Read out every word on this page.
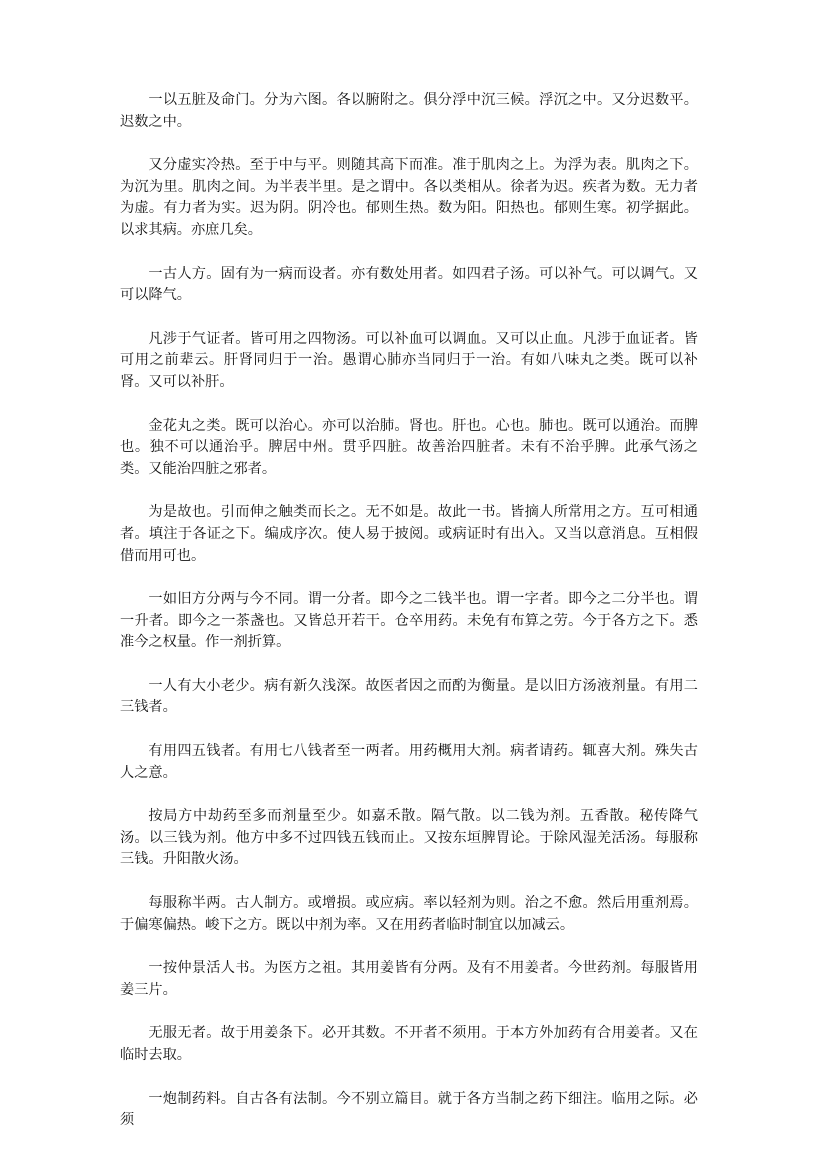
一以五脏及命门。分为六图。各以腑附之。俱分浮中沉三候。浮沉之中。又分迟数平。迟数之中。

又分虚实冷热。至于中与平。则随其高下而准。准于肌肉之上。为浮为表。肌肉之下。为沉为里。肌肉之间。为半表半里。是之谓中。各以类相从。徐者为迟。疾者为数。无力者为虚。有力者为实。迟为阴。阴冷也。郁则生热。数为阳。阳热也。郁则生寒。初学据此。以求其病。亦庶几矣。

一古人方。固有为一病而设者。亦有数处用者。如四君子汤。可以补气。可以调气。又可以降气。

凡涉于气证者。皆可用之四物汤。可以补血可以调血。又可以止血。凡涉于血证者。皆可用之前辈云。肝肾同归于一治。愚谓心肺亦当同归于一治。有如八味丸之类。既可以补肾。又可以补肝。

金花丸之类。既可以治心。亦可以治肺。肾也。肝也。心也。肺也。既可以通治。而脾也。独不可以通治乎。脾居中州。贯乎四脏。故善治四脏者。未有不治乎脾。此承气汤之类。又能治四脏之邪者。

为是故也。引而伸之触类而长之。无不如是。故此一书。皆摘人所常用之方。互可相通者。填注于各证之下。编成序次。使人易于披阅。或病证时有出入。又当以意消息。互相假借而用可也。

一如旧方分两与今不同。谓一分者。即今之二钱半也。谓一字者。即今之二分半也。谓一升者。即今之一茶盏也。又皆总开若干。仓卒用药。未免有布算之劳。今于各方之下。悉准今之权量。作一剂折算。

一人有大小老少。病有新久浅深。故医者因之而酌为衡量。是以旧方汤液剂量。有用二三钱者。

有用四五钱者。有用七八钱者至一两者。用药概用大剂。病者请药。辄喜大剂。殊失古人之意。

按局方中劫药至多而剂量至少。如嘉禾散。隔气散。以二钱为剂。五香散。秘传降气汤。以三钱为剂。他方中多不过四钱五钱而止。又按东垣脾胃论。于除风湿羌活汤。每服称三钱。升阳散火汤。

每服称半两。古人制方。或增损。或应病。率以轻剂为则。治之不愈。然后用重剂焉。于偏寒偏热。峻下之方。既以中剂为率。又在用药者临时制宜以加减云。

一按仲景活人书。为医方之祖。其用姜皆有分两。及有不用姜者。今世药剂。每服皆用姜三片。

无服无者。故于用姜条下。必开其数。不开者不须用。于本方外加药有合用姜者。又在临时去取。

一炮制药料。自古各有法制。今不别立篇目。就于各方当制之药下细注。临用之际。必须
